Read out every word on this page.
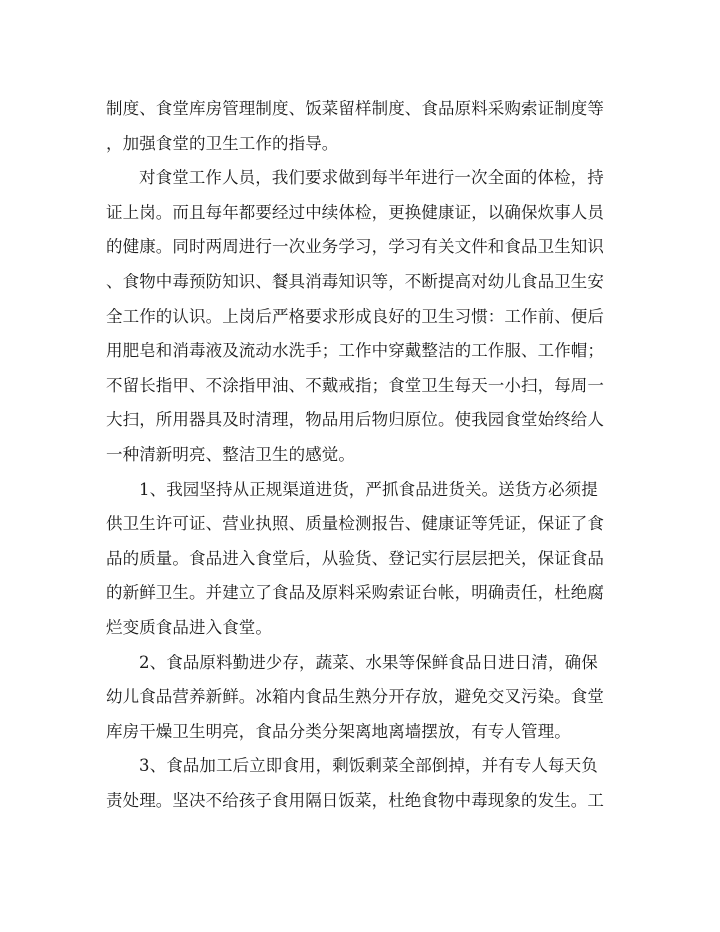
制度、食堂库房管理制度、饭菜留样制度、食品原料采购索证制度等
，加强食堂的卫生工作的指导。
对食堂工作人员，我们要求做到每半年进行一次全面的体检，持
证上岗。而且每年都要经过中续体检，更换健康证，以确保炊事人员
的健康。同时两周进行一次业务学习，学习有关文件和食品卫生知识
、食物中毒预防知识、餐具消毒知识等，不断提高对幼儿食品卫生安
全工作的认识。上岗后严格要求形成良好的卫生习惯：工作前、便后
用肥皂和消毒液及流动水洗手；工作中穿戴整洁的工作服、工作帽；
不留长指甲、不涂指甲油、不戴戒指；食堂卫生每天一小扫，每周一
大扫，所用器具及时清理，物品用后物归原位。使我园食堂始终给人
一种清新明亮、整洁卫生的感觉。
1、我园坚持从正规渠道进货，严抓食品进货关。送货方必须提
供卫生许可证、营业执照、质量检测报告、健康证等凭证，保证了食
品的质量。食品进入食堂后，从验货、登记实行层层把关，保证食品
的新鲜卫生。并建立了食品及原料采购索证台帐，明确责任，杜绝腐
烂变质食品进入食堂。
2、食品原料勤进少存，蔬菜、水果等保鲜食品日进日清，确保
幼儿食品营养新鲜。冰箱内食品生熟分开存放，避免交叉污染。食堂
库房干燥卫生明亮，食品分类分架离地离墙摆放，有专人管理。
3、食品加工后立即食用，剩饭剩菜全部倒掉，并有专人每天负
责处理。坚决不给孩子食用隔日饭菜，杜绝食物中毒现象的发生。工
